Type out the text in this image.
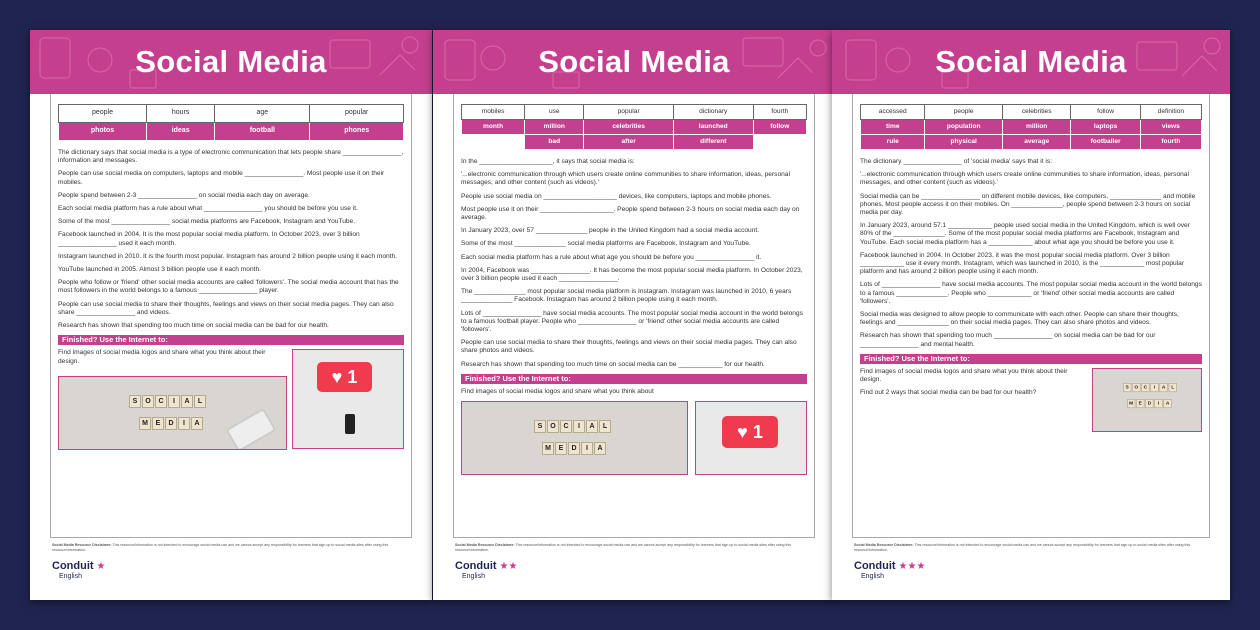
Social Media
people	hours	age	popular
photos	ideas	football	phones

The dictionary says that social media is a type of electronic communication that lets people share ________________, information and messages.

People can use social media on computers, laptops and mobile ________________. Most people use it on their mobiles.

People spend between 2-3 ________________ on social media each day on average.

Each social media platform has a rule about what ________________ you should be before you use it.

Some of the most ________________ social media platforms are Facebook, Instagram and YouTube.

Facebook launched in 2004. It is the most popular social media platform. In October 2023, over 3 billion ________________ used it each month.

Instagram launched in 2010. It is the fourth most popular. Instagram has around 2 billion people using it each month.

YouTube launched in 2005. Almost 3 billion people use it each month.

People who follow or 'friend' other social media accounts are called 'followers'. The social media account that has the most followers in the world belongs to a famous ________________ player.

People can use social media to share their thoughts, feelings and views on their social media pages. They can also share ________________ and videos.

Research has shown that spending too much time on social media can be bad for our health.

Finished? Use the Internet to:

Find images of social media logos and share what you think about their design.

♥ 1
S O C I A L
M E D I A
Social Media Resource Disclaimer: This resource/information is not intended to encourage social media use and we cannot accept any responsibility for learners that sign up to social media sites after using this resource/information.
Conduit ★
English
Social Media
mobiles	use	popular	dictionary	fourth
month	million	celebrities	launched	follow
	bad	after	different	

In the ____________________, it says that social media is:

'...electronic communication through which users create online communities to share information, ideas, personal messages, and other content (such as videos).'

People use social media on ____________________ devices, like computers, laptops and mobile phones.

Most people use it on their ____________________. People spend between 2-3 hours on social media each day on average.

In January 2023, over 57 ______________ people in the United Kingdom had a social media account.

Some of the most ______________ social media platforms are Facebook, Instagram and YouTube.

Each social media platform has a rule about what age you should be before you ________________ it.

In 2004, Facebook was ________________. It has become the most popular social media platform. In October 2023, over 3 billion people used it each ________________.

The ______________ most popular social media platform is Instagram. Instagram was launched in 2010, 6 years ______________ Facebook. Instagram has around 2 billion people using it each month.

Lots of ________________ have social media accounts. The most popular social media account in the world belongs to a famous football player. People who ________________ or 'friend' other social media accounts are called 'followers'.

People can use social media to share their thoughts, feelings and views on their social media pages. They can also share photos and videos.

Research has shown that spending too much time on social media can be ____________ for our health.

Finished? Use the Internet to:

Find images of social media logos and share what you think about

S O C I A L
M E D I A
♥ 1
Social Media Resource Disclaimer: This resource/information is not intended to encourage social media use and we cannot accept any responsibility for learners that sign up to social media sites after using this resource/information.
Conduit ★★
English
Social Media
accessed	people	celebrities	follow	definition
time	population	million	laptops	views
rule	physical	average	footballer	fourth

The dictionary ________________ of 'social media' says that it is:

'...electronic communication through which users create online communities to share information, ideas, personal messages, and other content (such as videos).'

Social media can be ________________ on different mobile devices, like computers, ______________ and mobile phones. Most people access it on their mobiles. On ______________, people spend between 2-3 hours on social media per day.

In January 2023, around 57.1 ____________ people used social media in the United Kingdom, which is well over 80% of the ______________. Some of the most popular social media platforms are Facebook, Instagram and YouTube. Each social media platform has a ____________ about what age you should be before you use it.

Facebook launched in 2004. In October 2023, it was the most popular social media platform. Over 3 billion ____________ use it every month. Instagram, which was launched in 2010, is the ____________ most popular platform and has around 2 billion people using it each month.

Lots of ________________ have social media accounts. The most popular social media account in the world belongs to a famous ______________. People who ____________ or 'friend' other social media accounts are called 'followers'.

Social media was designed to allow people to communicate with each other. People can share their thoughts, feelings and ______________ on their social media pages. They can also share photos and videos.

Research has shown that spending too much ________________ on social media can be bad for our ________________ and mental health.

Finished? Use the Internet to:

Find images of social media logos and share what you think about their design.

Find out 2 ways that social media can be bad for our health?

S O C I A L
M E D I A
Social Media Resource Disclaimer: This resource/information is not intended to encourage social media use and we cannot accept any responsibility for learners that sign up to social media sites after using this resource/information.
Conduit ★★★
English
